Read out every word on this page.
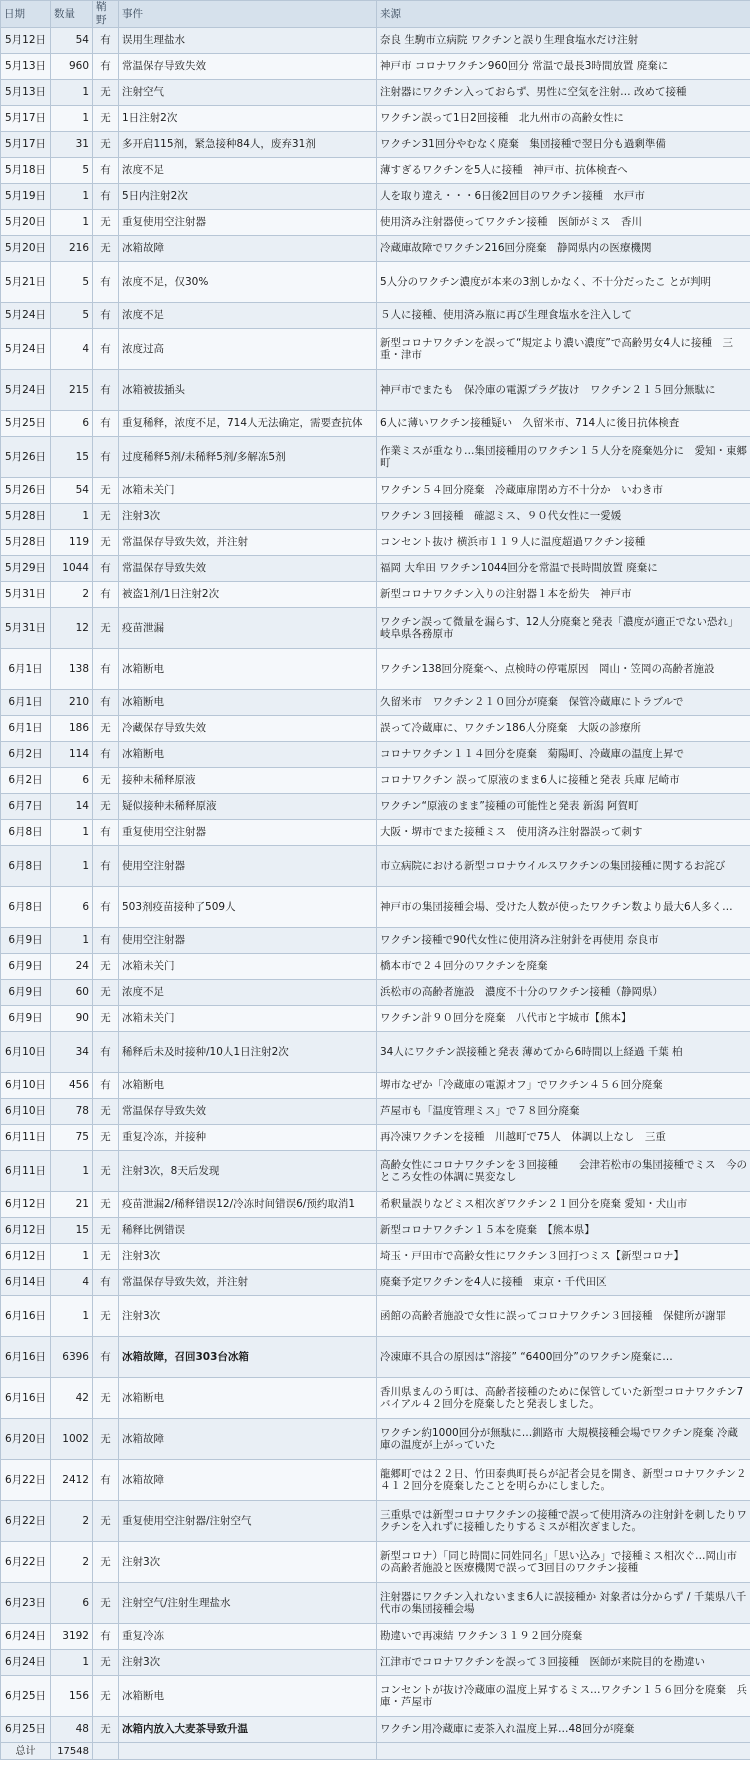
日期	数量	鞘野	事件	来源
5月12日	54	有	误用生理盐水	奈良 生駒市立病院 ワクチンと誤り生理食塩水だけ注射
5月13日	960	有	常温保存导致失效	神戸市 コロナワクチン960回分 常温で最長3時間放置 廃棄に
5月13日	1	无	注射空气	注射器にワクチン入っておらず、男性に空気を注射… 改めて接種
5月17日	1	无	1日注射2次	ワクチン誤って1日2回接種　北九州市の高齢女性に
5月17日	31	无	多开启115剂，紧急接种84人，废弃31剂	ワクチン31回分やむなく廃棄　集団接種で翌日分も過剰準備
5月18日	5	有	浓度不足	薄すぎるワクチンを5人に接種　神戸市、抗体検査へ
5月19日	1	有	5日内注射2次	人を取り違え・・・6日後2回目のワクチン接種　水戸市
5月20日	1	无	重复使用空注射器	使用済み注射器使ってワクチン接種　医師がミス　香川
5月20日	216	无	冰箱故障	冷蔵庫故障でワクチン216回分廃棄　静岡県内の医療機関
5月21日	5	有	浓度不足，仅30%	5人分のワクチン濃度が本来の3割しかなく、不十分だったこ とが判明
5月24日	5	有	浓度不足	５人に接種、使用済み瓶に再び生理食塩水を注入して
5月24日	4	有	浓度过高	新型コロナワクチンを誤って“規定より濃い濃度”で高齢男女4人に接種　三重・津市
5月24日	215	有	冰箱被拔插头	神戸市でまたも　保冷庫の電源プラグ抜け　ワクチン２１５回分無駄に
5月25日	6	有	重复稀释，浓度不足，714人无法确定，需要查抗体	6人に薄いワクチン接種疑い　久留米市、714人に後日抗体検査
5月26日	15	有	过度稀释5剂/未稀释5剂/多解冻5剂	作業ミスが重なり…集団接種用のワクチン１５人分を廃棄処分に　愛知・東郷町
5月26日	54	无	冰箱未关门	ワクチン５４回分廃棄　冷蔵庫扉閉め方不十分か　いわき市
5月28日	1	无	注射3次	ワクチン３回接種　確認ミス、９０代女性に一愛媛
5月28日	119	无	常温保存导致失效，并注射	コンセント抜け 横浜市１１９人に温度超過ワクチン接種
5月29日	1044	有	常温保存导致失效	福岡 大牟田 ワクチン1044回分を常温で長時間放置 廃棄に
5月31日	2	有	被盗1剂/1日注射2次	新型コロナワクチン入りの注射器１本を紛失　神戸市
5月31日	12	无	疫苗泄漏	ワクチン誤って微量を漏らす、12人分廃棄と発表「濃度が適正でない恐れ」　岐阜県各務原市
6月1日	138	有	冰箱断电	ワクチン138回分廃棄へ、点検時の停電原因　岡山・笠岡の高齢者施設
6月1日	210	有	冰箱断电	久留米市　ワクチン２１０回分が廃棄　保管冷蔵庫にトラブルで
6月1日	186	无	冷藏保存导致失效	誤って冷蔵庫に、ワクチン186人分廃棄　大阪の診療所
6月2日	114	有	冰箱断电	コロナワクチン１１４回分を廃棄　菊陽町、冷蔵庫の温度上昇で
6月2日	6	无	接种未稀释原液	コロナワクチン 誤って原液のまま6人に接種と発表 兵庫 尼崎市
6月7日	14	无	疑似接种未稀释原液	ワクチン“原液のまま”接種の可能性と発表 新潟 阿賀町
6月8日	1	有	重复使用空注射器	大阪・堺市でまた接種ミス　使用済み注射器誤って刺す
6月8日	1	有	使用空注射器	市立病院における新型コロナウイルスワクチンの集団接種に関するお詫び
6月8日	6	有	503剂疫苗接种了509人	神戸市の集団接種会場、受けた人数が使ったワクチン数より最大6人多く…
6月9日	1	有	使用空注射器	ワクチン接種で90代女性に使用済み注射針を再使用 奈良市
6月9日	24	无	冰箱未关门	橋本市で２４回分のワクチンを廃棄
6月9日	60	无	浓度不足	浜松市の高齢者施設　濃度不十分のワクチン接種（静岡県）
6月9日	90	无	冰箱未关门	ワクチン計９０回分を廃棄　八代市と宇城市【熊本】
6月10日	34	有	稀释后未及时接种/10人1日注射2次	34人にワクチン誤接種と発表 薄めてから6時間以上経過 千葉 柏
6月10日	456	有	冰箱断电	堺市なぜか「冷蔵庫の電源オフ」でワクチン４５６回分廃棄
6月10日	78	无	常温保存导致失效	芦屋市も「温度管理ミス」で７８回分廃棄
6月11日	75	无	重复冷冻，并接种	再冷凍ワクチンを接種　川越町で75人　体調以上なし　三重
6月11日	1	无	注射3次，8天后发现	高齢女性にコロナワクチンを３回接種　　会津若松市の集団接種でミス　今のところ女性の体調に異変なし
6月12日	21	无	疫苗泄漏2/稀释错误12/冷冻时间错误6/预约取消1	希釈量誤りなどミス相次ぎワクチン２１回分を廃棄 愛知・犬山市
6月12日	15	无	稀释比例错误	新型コロナワクチン１５本を廃棄　【熊本県】
6月12日	1	无	注射3次	埼玉・戸田市で高齢女性にワクチン３回打つミス【新型コロナ】
6月14日	4	有	常温保存导致失效，并注射	廃棄予定ワクチンを4人に接種　東京・千代田区
6月16日	1	无	注射3次	函館の高齢者施設で女性に誤ってコロナワクチン３回接種　保健所が謝罪
6月16日	6396	有	冰箱故障，召回303台冰箱	冷凍庫不具合の原因は“溶接” “6400回分”のワクチン廃棄に…
6月16日	42	无	冰箱断电	香川県まんのう町は、高齢者接種のために保管していた新型コロナワクチン7バイアル４２回分を廃棄したと発表しました。
6月20日	1002	无	冰箱故障	ワクチン約1000回分が無駄に…釧路市 大規模接種会場でワクチン廃棄 冷蔵庫の温度が上がっていた
6月22日	2412	有	冰箱故障	龍郷町では２２日、竹田泰典町長らが記者会見を開き、新型コロナワクチン２４１２回分を廃棄したことを明らかにしました。
6月22日	2	无	重复使用空注射器/注射空气	三重県では新型コロナワクチンの接種で誤って使用済みの注射針を刺したりワクチンを入れずに接種したりするミスが相次ぎました。
6月22日	2	无	注射3次	新型コロナ）「同じ時間に同姓同名」「思い込み」で接種ミス相次ぐ…岡山市の高齢者施設と医療機関で誤って3回目のワクチン接種
6月23日	6	无	注射空气/注射生理盐水	注射器にワクチン入れないまま6人に誤接種か 対象者は分からず / 千葉県八千代市の集団接種会場
6月24日	3192	有	重复冷冻	勘違いで再凍結 ワクチン３１９２回分廃棄
6月24日	1	无	注射3次	江津市でコロナワクチンを誤って３回接種　医師が来院目的を勘違い
6月25日	156	无	冰箱断电	コンセントが抜け冷蔵庫の温度上昇するミス…ワクチン１５６回分を廃棄　兵庫・芦屋市
6月25日	48	无	冰箱内放入大麦茶导致升温	ワクチン用冷蔵庫に麦茶入れ温度上昇…48回分が廃棄
总计	17548			
